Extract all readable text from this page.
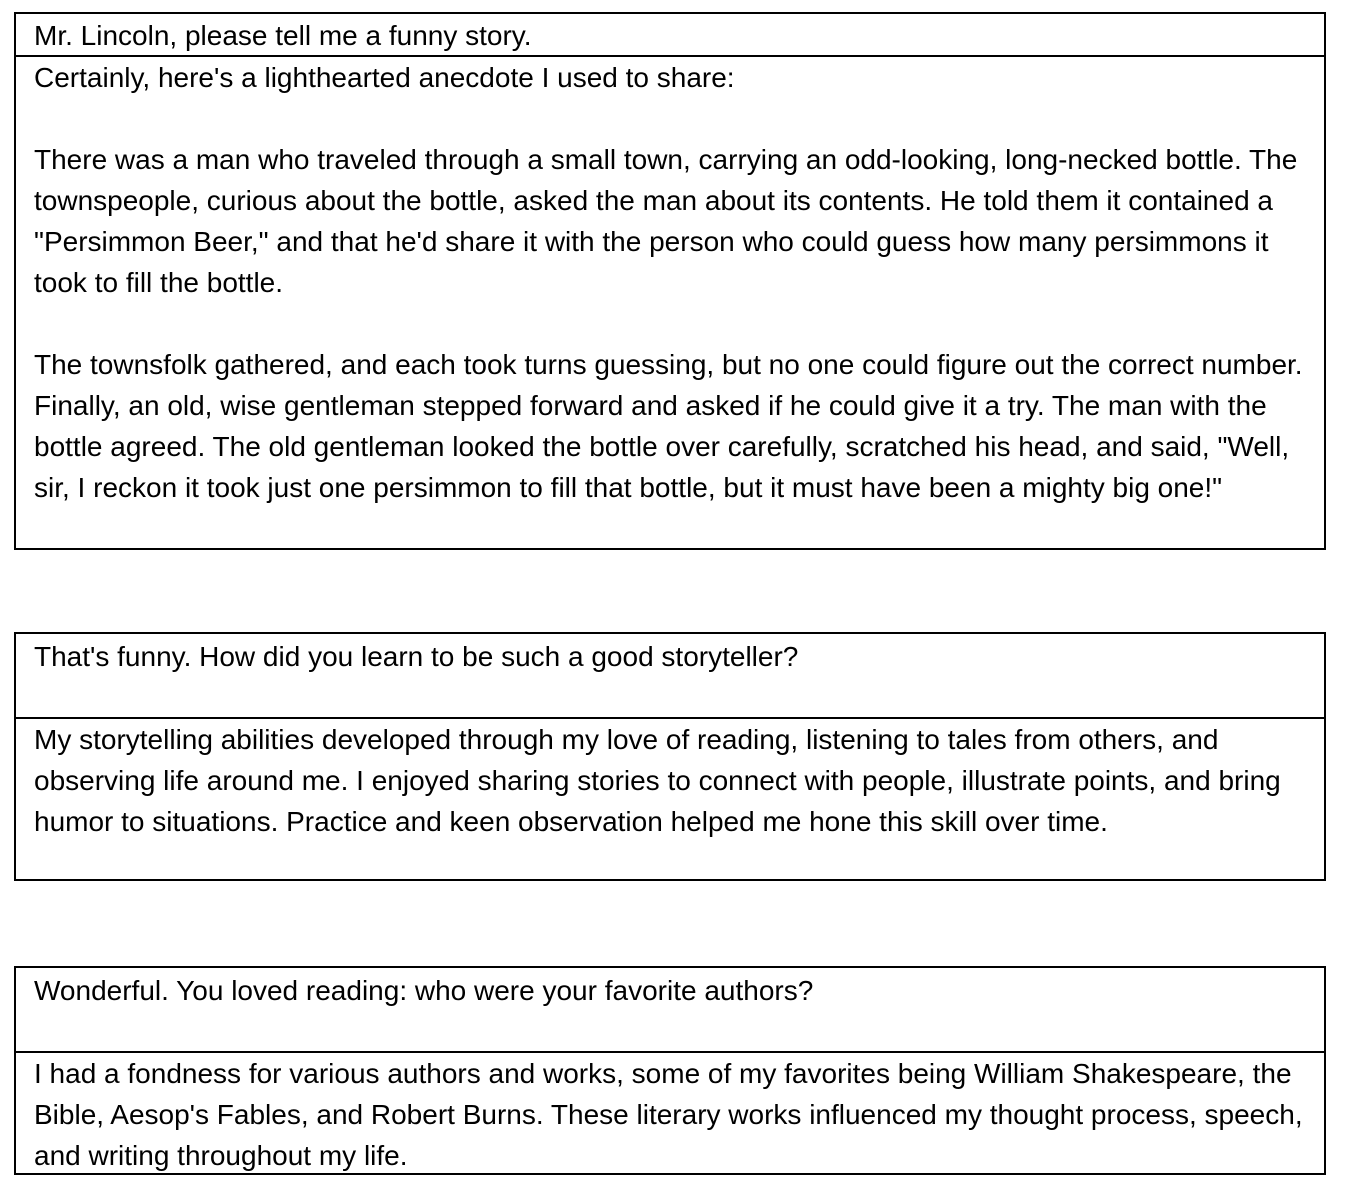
Mr. Lincoln, please tell me a funny story.
Certainly, here's a lighthearted anecdote I used to share:

There was a man who traveled through a small town, carrying an odd-looking, long-necked bottle. The townspeople, curious about the bottle, asked the man about its contents. He told them it contained a "Persimmon Beer," and that he'd share it with the person who could guess how many persimmons it took to fill the bottle.

The townsfolk gathered, and each took turns guessing, but no one could figure out the correct number. Finally, an old, wise gentleman stepped forward and asked if he could give it a try. The man with the bottle agreed. The old gentleman looked the bottle over carefully, scratched his head, and said, "Well, sir, I reckon it took just one persimmon to fill that bottle, but it must have been a mighty big one!"
That's funny. How did you learn to be such a good storyteller?
My storytelling abilities developed through my love of reading, listening to tales from others, and observing life around me. I enjoyed sharing stories to connect with people, illustrate points, and bring humor to situations. Practice and keen observation helped me hone this skill over time.
Wonderful. You loved reading: who were your favorite authors?
I had a fondness for various authors and works, some of my favorites being William Shakespeare, the Bible, Aesop's Fables, and Robert Burns. These literary works influenced my thought process, speech, and writing throughout my life.
